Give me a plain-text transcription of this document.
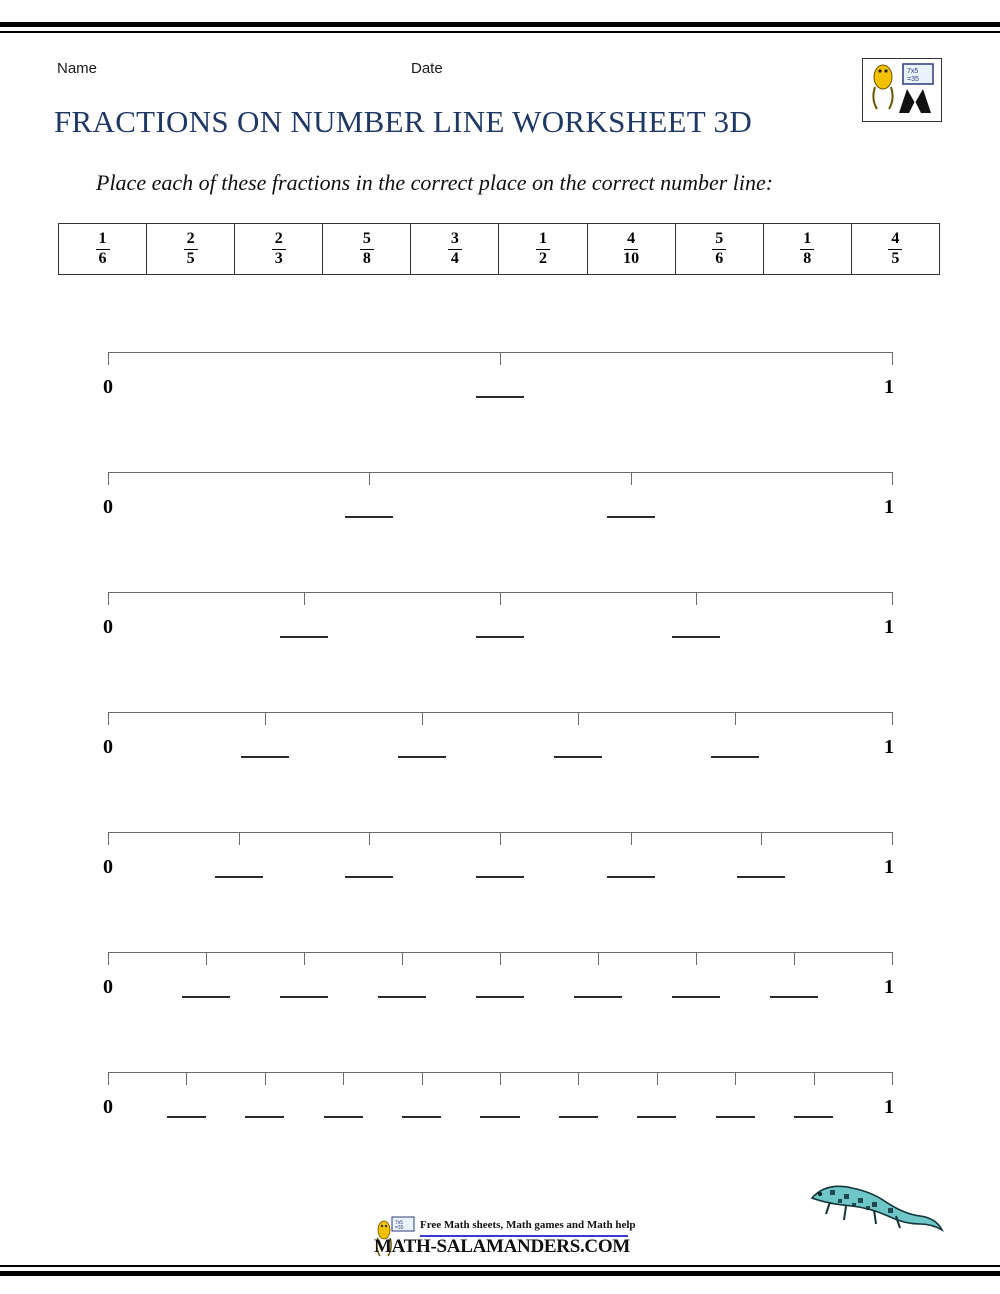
Name	Date	7x5
=35
FRACTIONS ON NUMBER LINE WORKSHEET 3D
Place each of these fractions in the correct place on the correct number line:
$\frac{1}{6}$	$\frac{2}{5}$	$\frac{2}{3}$	$\frac{5}{8}$	$\frac{3}{4}$	$\frac{1}{2}$	$\frac{4}{10}$	$\frac{5}{6}$	$\frac{1}{8}$	$\frac{4}{5}$
0	1
0	1
0	1
0	1
0	1
0	1
0	1
7x5
=35 Free Math sheets, Math games and Math help
MATH-SALAMANDERS.COM
